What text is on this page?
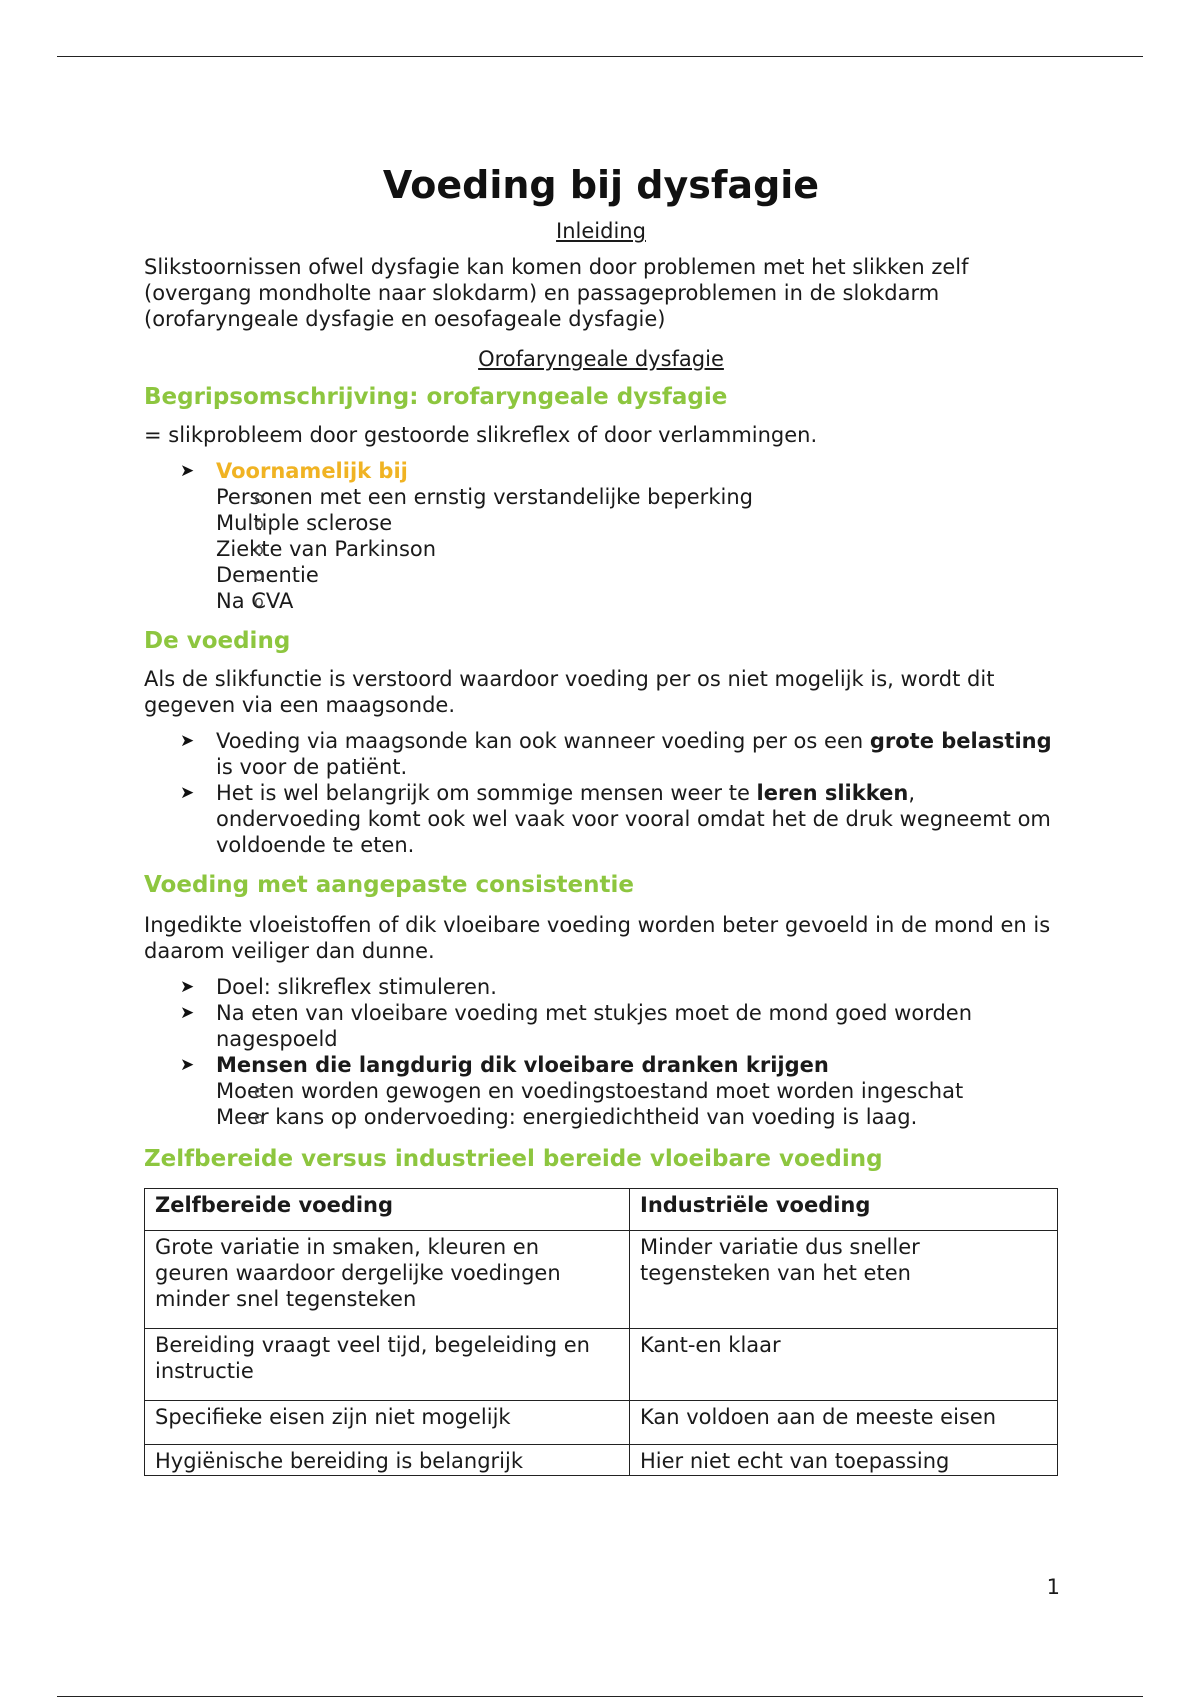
Voeding bij dysfagie

Inleiding

Slikstoornissen ofwel dysfagie kan komen door problemen met het slikken zelf (overgang mondholte naar slokdarm) en passageproblemen in de slokdarm (orofaryngeale dysfagie en oesofageale dysfagie)

Orofaryngeale dysfagie

Begripsomschrijving: orofaryngeale dysfagie

= slikprobleem door gestoorde slikreflex of door verlammingen.

➤ Voornamelijk bij
o Personen met een ernstig verstandelijke beperking
o Multiple sclerose
o Ziekte van Parkinson
o Dementie
o Na CVA

De voeding

Als de slikfunctie is verstoord waardoor voeding per os niet mogelijk is, wordt dit gegeven via een maagsonde.

➤ Voeding via maagsonde kan ook wanneer voeding per os een grote belasting is voor de patiënt.
➤ Het is wel belangrijk om sommige mensen weer te leren slikken, ondervoeding komt ook wel vaak voor vooral omdat het de druk wegneemt om voldoende te eten.

Voeding met aangepaste consistentie

Ingedikte vloeistoffen of dik vloeibare voeding worden beter gevoeld in de mond en is daarom veiliger dan dunne.

➤ Doel: slikreflex stimuleren.
➤ Na eten van vloeibare voeding met stukjes moet de mond goed worden nagespoeld
➤ Mensen die langdurig dik vloeibare dranken krijgen
o Moeten worden gewogen en voedingstoestand moet worden ingeschat
o Meer kans op ondervoeding: energiedichtheid van voeding is laag.

Zelfbereide versus industrieel bereide vloeibare voeding

Zelfbereide voeding	Industriële voeding
Grote variatie in smaken, kleuren en geuren waardoor dergelijke voedingen minder snel tegensteken	Minder variatie dus sneller tegensteken van het eten
Bereiding vraagt veel tijd, begeleiding en instructie	Kant-en klaar
Specifieke eisen zijn niet mogelijk	Kan voldoen aan de meeste eisen
Hygiënische bereiding is belangrijk	Hier niet echt van toepassing
1
